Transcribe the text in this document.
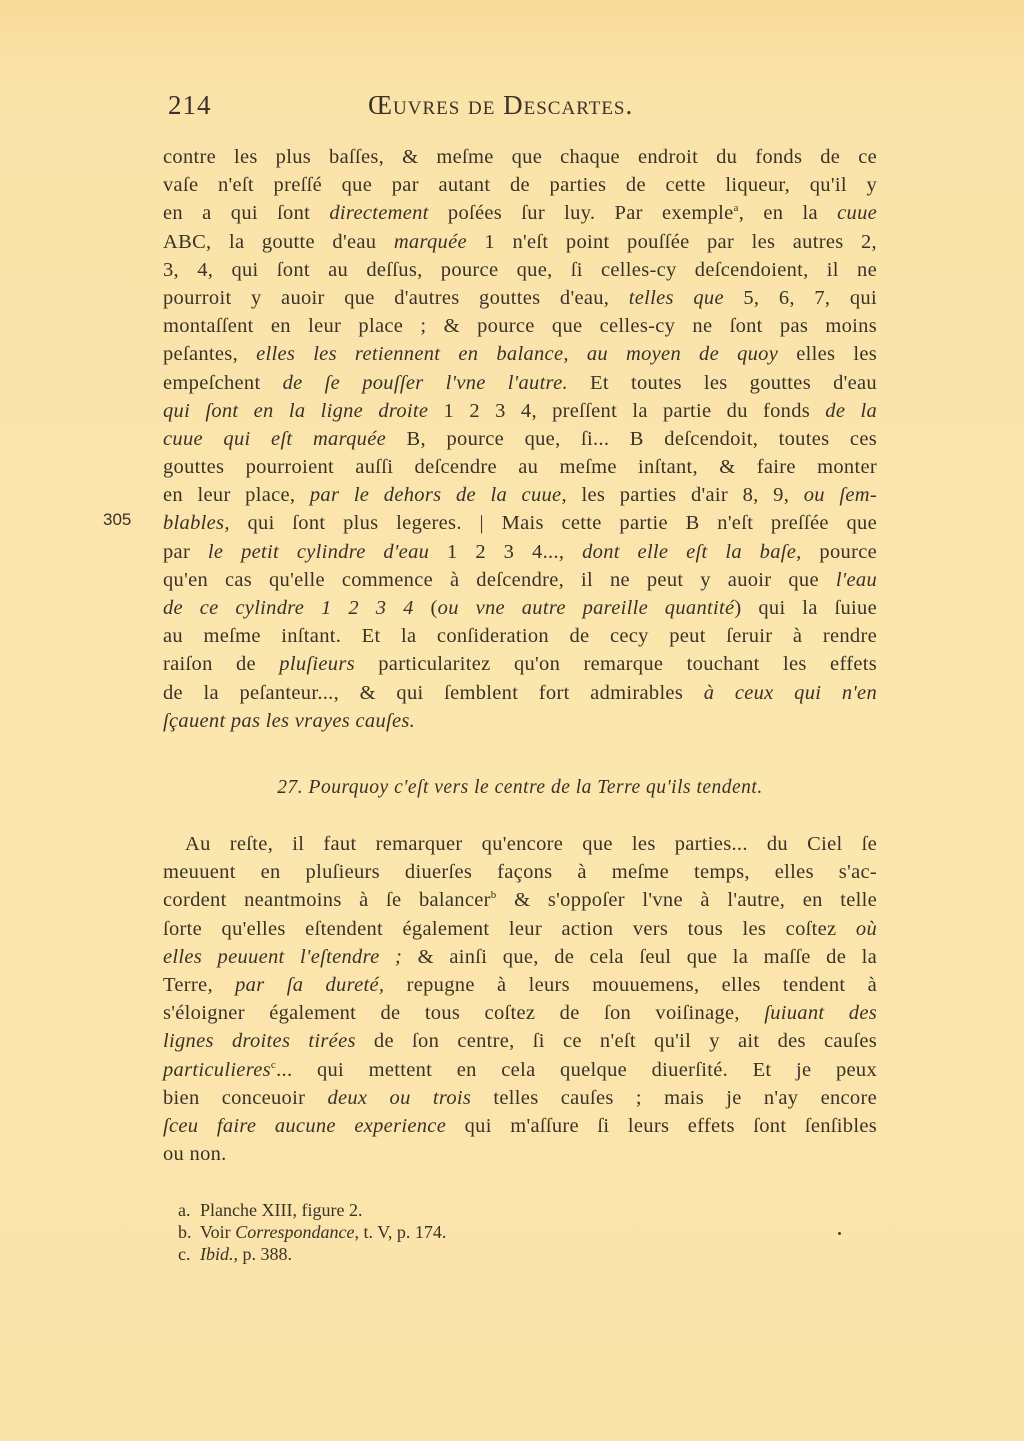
214	Œuvres de Descartes.
contre les plus baſſes, & meſme que chaque endroit du fonds de ce
vaſe n'eſt preſſé que par autant de parties de cette liqueur, qu'il y
en a qui ſont directement poſées ſur luy. Par exemple$^a$, en la cuue
ABC, la goutte d'eau marquée 1 n'eſt point pouſſée par les autres 2,
3, 4, qui ſont au deſſus, pource que, ſi celles-cy deſcendoient, il ne
pourroit y auoir que d'autres gouttes d'eau, telles que 5, 6, 7, qui
montaſſent en leur place ; & pource que celles-cy ne ſont pas moins
peſantes, elles les retiennent en balance, au moyen de quoy elles les
empeſchent de ſe pouſſer l'vne l'autre. Et toutes les gouttes d'eau
qui ſont en la ligne droite 1 2 3 4, preſſent la partie du fonds de la
cuue qui eſt marquée B, pource que, ſi... B deſcendoit, toutes ces
gouttes pourroient auſſi deſcendre au meſme inſtant, & faire monter
en leur place, par le dehors de la cuue, les parties d'air 8, 9, ou ſem-
blables, qui ſont plus legeres. | Mais cette partie B n'eſt preſſée que
par le petit cylindre d'eau 1 2 3 4..., dont elle eſt la baſe, pource
qu'en cas qu'elle commence à deſcendre, il ne peut y auoir que l'eau
de ce cylindre 1 2 3 4 (ou vne autre pareille quantité) qui la ſuiue
au meſme inſtant. Et la conſideration de cecy peut ſeruir à rendre
raiſon de pluſieurs particularitez qu'on remarque touchant les effets
de la peſanteur..., & qui ſemblent fort admirables à ceux qui n'en
ſçauent pas les vrayes cauſes.
305
27. Pourquoy c'eſt vers le centre de la Terre qu'ils tendent.
Au reſte, il faut remarquer qu'encore que les parties... du Ciel ſe
meuuent en pluſieurs diuerſes façons à meſme temps, elles s'ac-
cordent neantmoins à ſe balancer$^b$ & s'oppoſer l'vne à l'autre, en telle
ſorte qu'elles eſtendent également leur action vers tous les coſtez où
elles peuuent l'eſtendre ; & ainſi que, de cela ſeul que la maſſe de la
Terre, par ſa dureté, repugne à leurs mouuemens, elles tendent à
s'éloigner également de tous coſtez de ſon voiſinage, ſuiuant des
lignes droites tirées de ſon centre, ſi ce n'eſt qu'il y ait des cauſes
particulieres$^c$... qui mettent en cela quelque diuerſité. Et je peux
bien conceuoir deux ou trois telles cauſes ; mais je n'ay encore
ſceu faire aucune experience qui m'aſſure ſi leurs effets ſont ſenſibles
ou non.
a. Planche XIII, figure 2.
b. Voir Correspondance, t. V, p. 174.
c. Ibid., p. 388.
